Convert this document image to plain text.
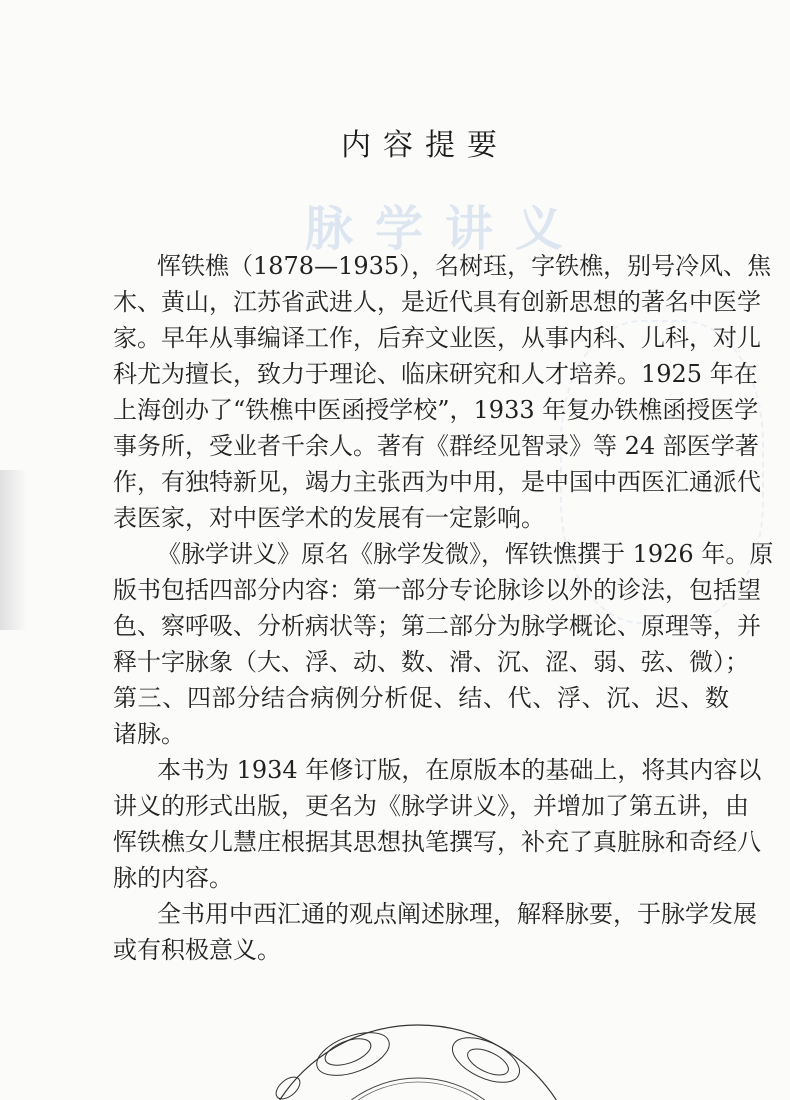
脉学讲义
内容提要
恽铁樵（1878—1935），名树珏，字铁樵，别号冷风、焦
木、黄山，江苏省武进人，是近代具有创新思想的著名中医学
家。早年从事编译工作，后弃文业医，从事内科、儿科，对儿
科尤为擅长，致力于理论、临床研究和人才培养。1925 年在
上海创办了“铁樵中医函授学校”，1933 年复办铁樵函授医学
事务所，受业者千余人。著有《群经见智录》等 24 部医学著
作，有独特新见，竭力主张西为中用，是中国中西医汇通派代
表医家，对中医学术的发展有一定影响。
《脉学讲义》原名《脉学发微》，恽铁憔撰于 1926 年。原
版书包括四部分内容：第一部分专论脉诊以外的诊法，包括望
色、察呼吸、分析病状等；第二部分为脉学概论、原理等，并
释十字脉象（大、浮、动、数、滑、沉、涩、弱、弦、微）；
第三、四部分结合病例分析促、结、代、浮、沉、迟、数
诸脉。
本书为 1934 年修订版，在原版本的基础上，将其内容以
讲义的形式出版，更名为《脉学讲义》，并增加了第五讲，由
恽铁樵女儿慧庄根据其思想执笔撰写，补充了真脏脉和奇经八
脉的内容。
全书用中西汇通的观点阐述脉理，解释脉要，于脉学发展
或有积极意义。
